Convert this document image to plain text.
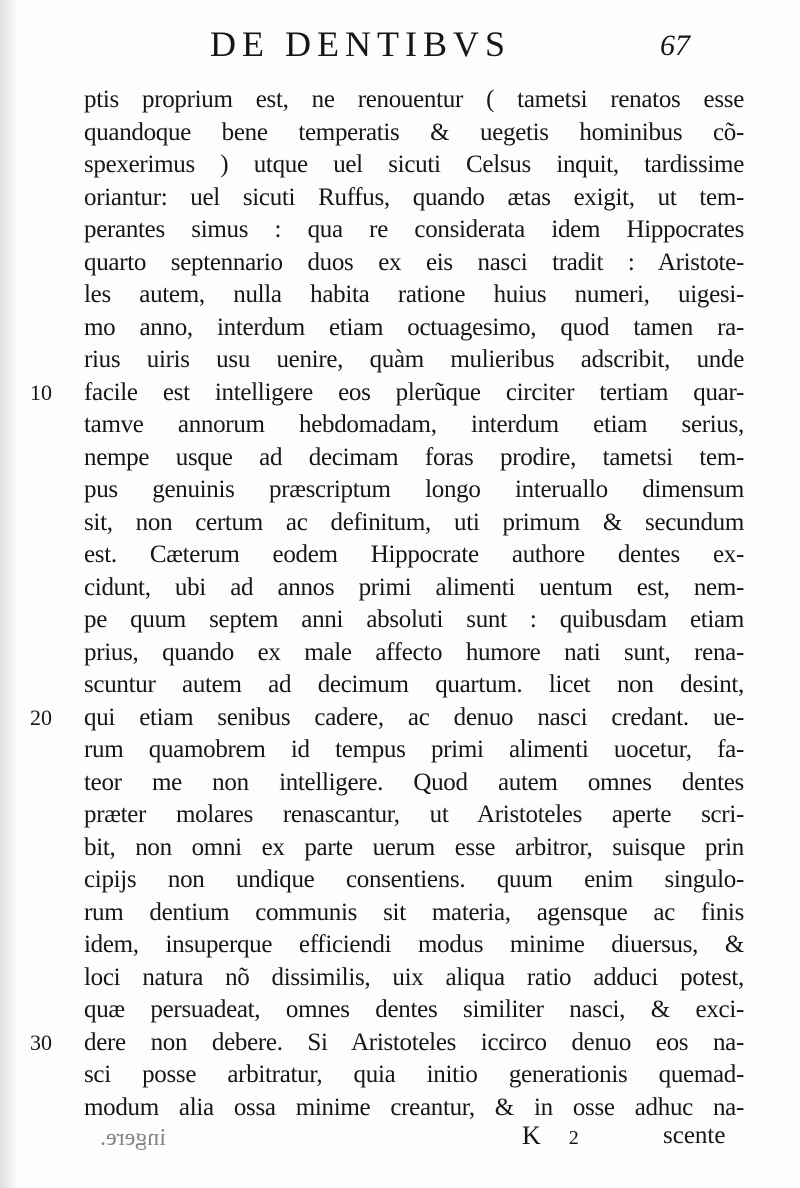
DE DENTIBVS	67
10
20
30
ptis proprium est, ne renouentur ( tametsi renatos esse
quandoque bene temperatis & uegetis hominibus cõ-
spexerimus ) utque uel sicuti Celsus inquit, tardissime
oriantur: uel sicuti Ruffus, quando ætas exigit, ut tem-
perantes simus : qua re considerata idem Hippocrates
quarto septennario duos ex eis nasci tradit : Aristote-
les autem, nulla habita ratione huius numeri, uigesi-
mo anno, interdum etiam octuagesimo, quod tamen ra-
rius uiris usu uenire, quàm mulieribus adscribit, unde
facile est intelligere eos plerũque circiter tertiam quar-
tamve annorum hebdomadam, interdum etiam serius,
nempe usque ad decimam foras prodire, tametsi tem-
pus genuinis præscriptum longo interuallo dimensum
sit, non certum ac definitum, uti primum & secundum
est. Cæterum eodem Hippocrate authore dentes ex-
cidunt, ubi ad annos primi alimenti uentum est, nem-
pe quum septem anni absoluti sunt : quibusdam etiam
prius, quando ex male affecto humore nati sunt, rena-
scuntur autem ad decimum quartum. licet non desint,
qui etiam senibus cadere, ac denuo nasci credant. ue-
rum quamobrem id tempus primi alimenti uocetur, fa-
teor me non intelligere. Quod autem omnes dentes
præter molares renascantur, ut Aristoteles aperte scri-
bit, non omni ex parte uerum esse arbitror, suisque prin
cipijs non undique consentiens. quum enim singulo-
rum dentium communis sit materia, agensque ac finis
idem, insuperque efficiendi modus minime diuersus, &
loci natura nõ dissimilis, uix aliqua ratio adduci potest,
quæ persuadeat, omnes dentes similiter nasci, & exci-
dere non debere. Si Aristoteles iccirco denuo eos na-
sci posse arbitratur, quia initio generationis quemad-
modum alia ossa minime creantur, & in osse adhuc na-
ingere.	K 2	scente
